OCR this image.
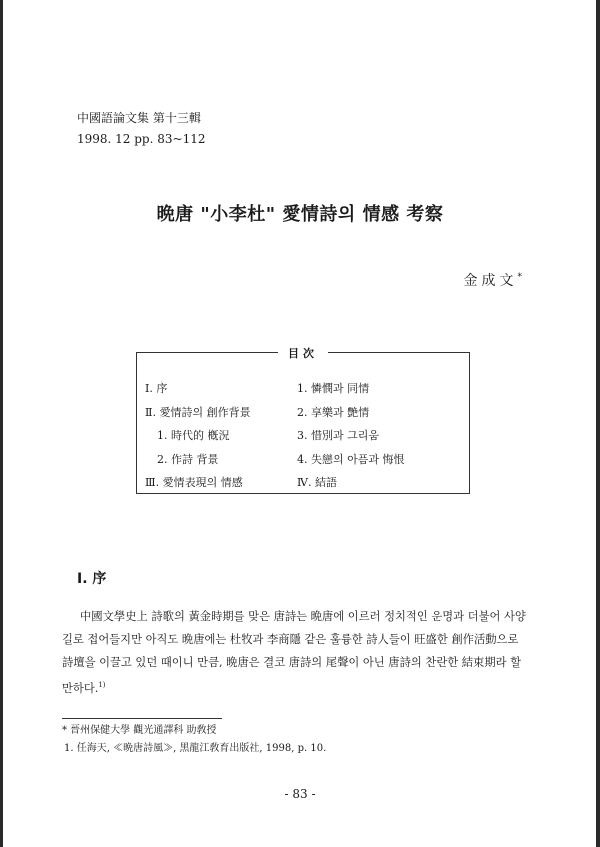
中國語論文集 第十三輯
1998. 12 pp. 83~112
晩唐 "小李杜" 愛情詩의 情感 考察
金成文*
目次
Ⅰ. 序
Ⅱ. 愛情詩의 創作背景
1. 時代的 槪況
2. 作詩 背景
Ⅲ. 愛情表現의 情感
1. 憐憫과 同情
2. 享樂과 艶情
3. 惜別과 그리움
4. 失戀의 아픔과 悔恨
Ⅳ. 結語
Ⅰ. 序
中國文學史上 詩歌의 黃金時期를 맞은 唐詩는 晩唐에 이르러 정치적인 운명과 더불어 사양길로 접어들지만 아직도 晩唐에는 杜牧과 李商隱 같은 훌륭한 詩人들이 旺盛한 創作活動으로 詩壇을 이끌고 있던 때이니 만큼, 晩唐은 결코 唐詩의 尾聲이 아닌 唐詩의 찬란한 結束期라 할 만하다.$^{1)}$
* 晉州保健大學 觀光通譯科 助敎授
1. 任海天, ≪晩唐詩風≫, 黑龍江敎育出版社, 1998, p. 10.
- 83 -
